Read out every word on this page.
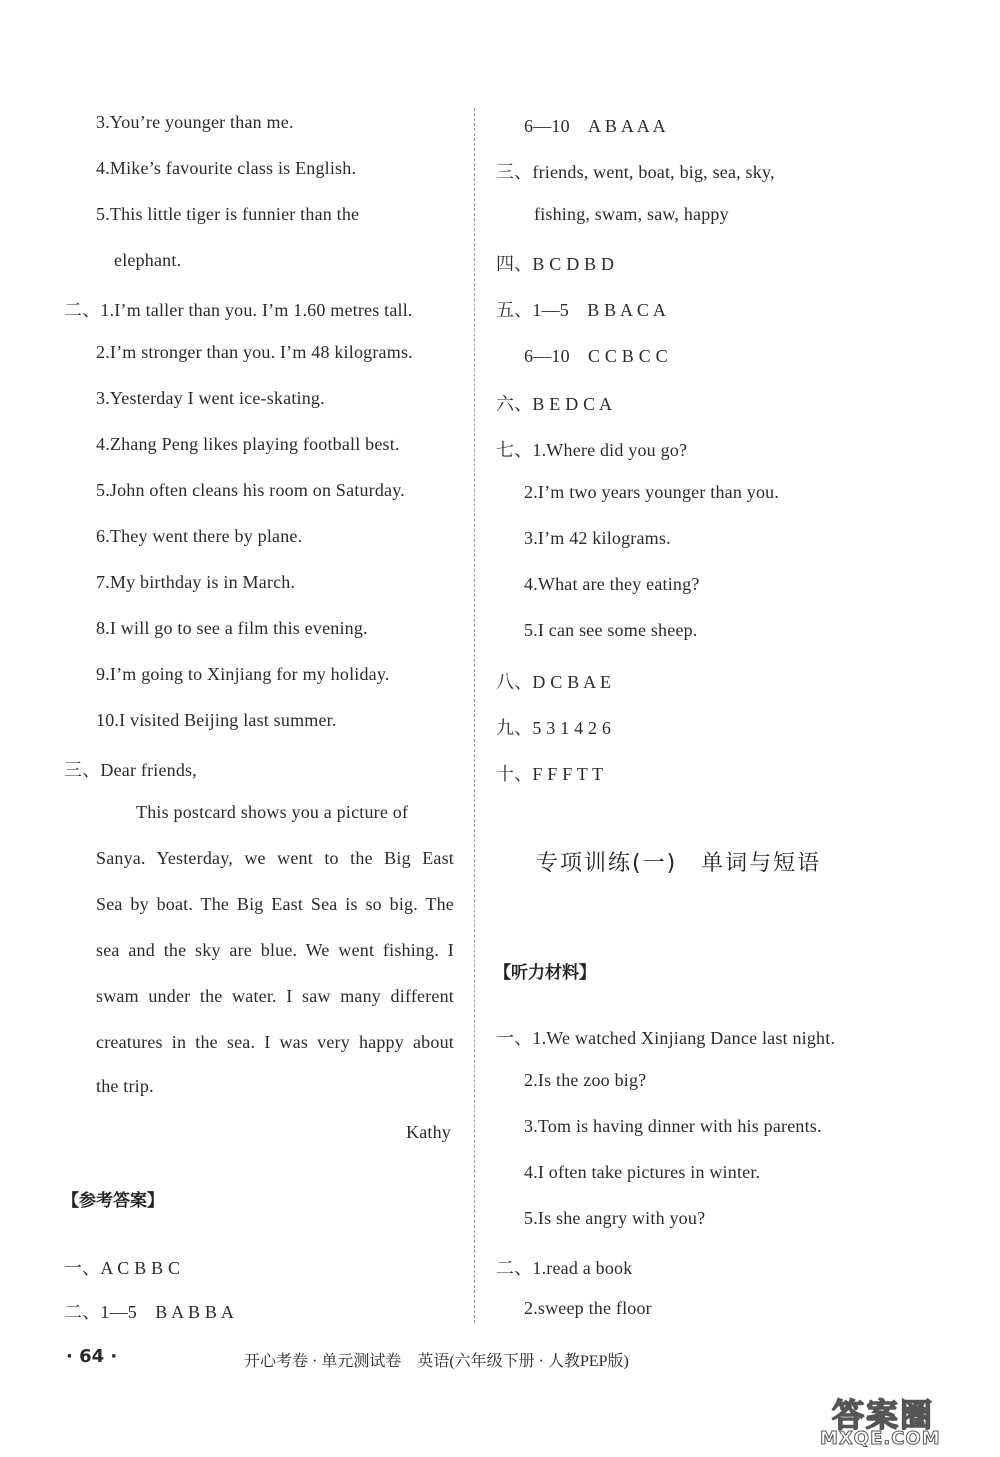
3.You’re younger than me.
4.Mike’s favourite class is English.
5.This little tiger is funnier than the
elephant.
二、1.I’m taller than you. I’m 1.60 metres tall.
2.I’m stronger than you. I’m 48 kilograms.
3.Yesterday I went ice-skating.
4.Zhang Peng likes playing football best.
5.John often cleans his room on Saturday.
6.They went there by plane.
7.My birthday is in March.
8.I will go to see a film this evening.
9.I’m going to Xinjiang for my holiday.
10.I visited Beijing last summer.
三、Dear friends,
This postcard shows you a picture of
Sanya. Yesterday, we went to the Big East
Sea by boat. The Big East Sea is so big. The
sea and the sky are blue. We went fishing. I
swam under the water. I saw many different
creatures in the sea. I was very happy about
the trip.
Kathy
【参考答案】
一、A C B B C
二、1—5　B A B B A
6—10　A B A A A
三、friends, went, boat, big, sea, sky,
fishing, swam, saw, happy
四、B C D B D
五、1—5　B B A C A
6—10　C C B C C
六、B E D C A
七、1.Where did you go?
2.I’m two years younger than you.
3.I’m 42 kilograms.
4.What are they eating?
5.I can see some sheep.
八、D C B A E
九、5 3 1 4 2 6
十、F F F T T
专项训练(一)　单词与短语
【听力材料】
一、1.We watched Xinjiang Dance last night.
2.Is the zoo big?
3.Tom is having dinner with his parents.
4.I often take pictures in winter.
5.Is she angry with you?
二、1.read a book
2.sweep the floor
· 64 ·	开心考卷 · 单元测试卷　英语(六年级下册 · 人教PEP版)
答案圈
MXQE.COM
